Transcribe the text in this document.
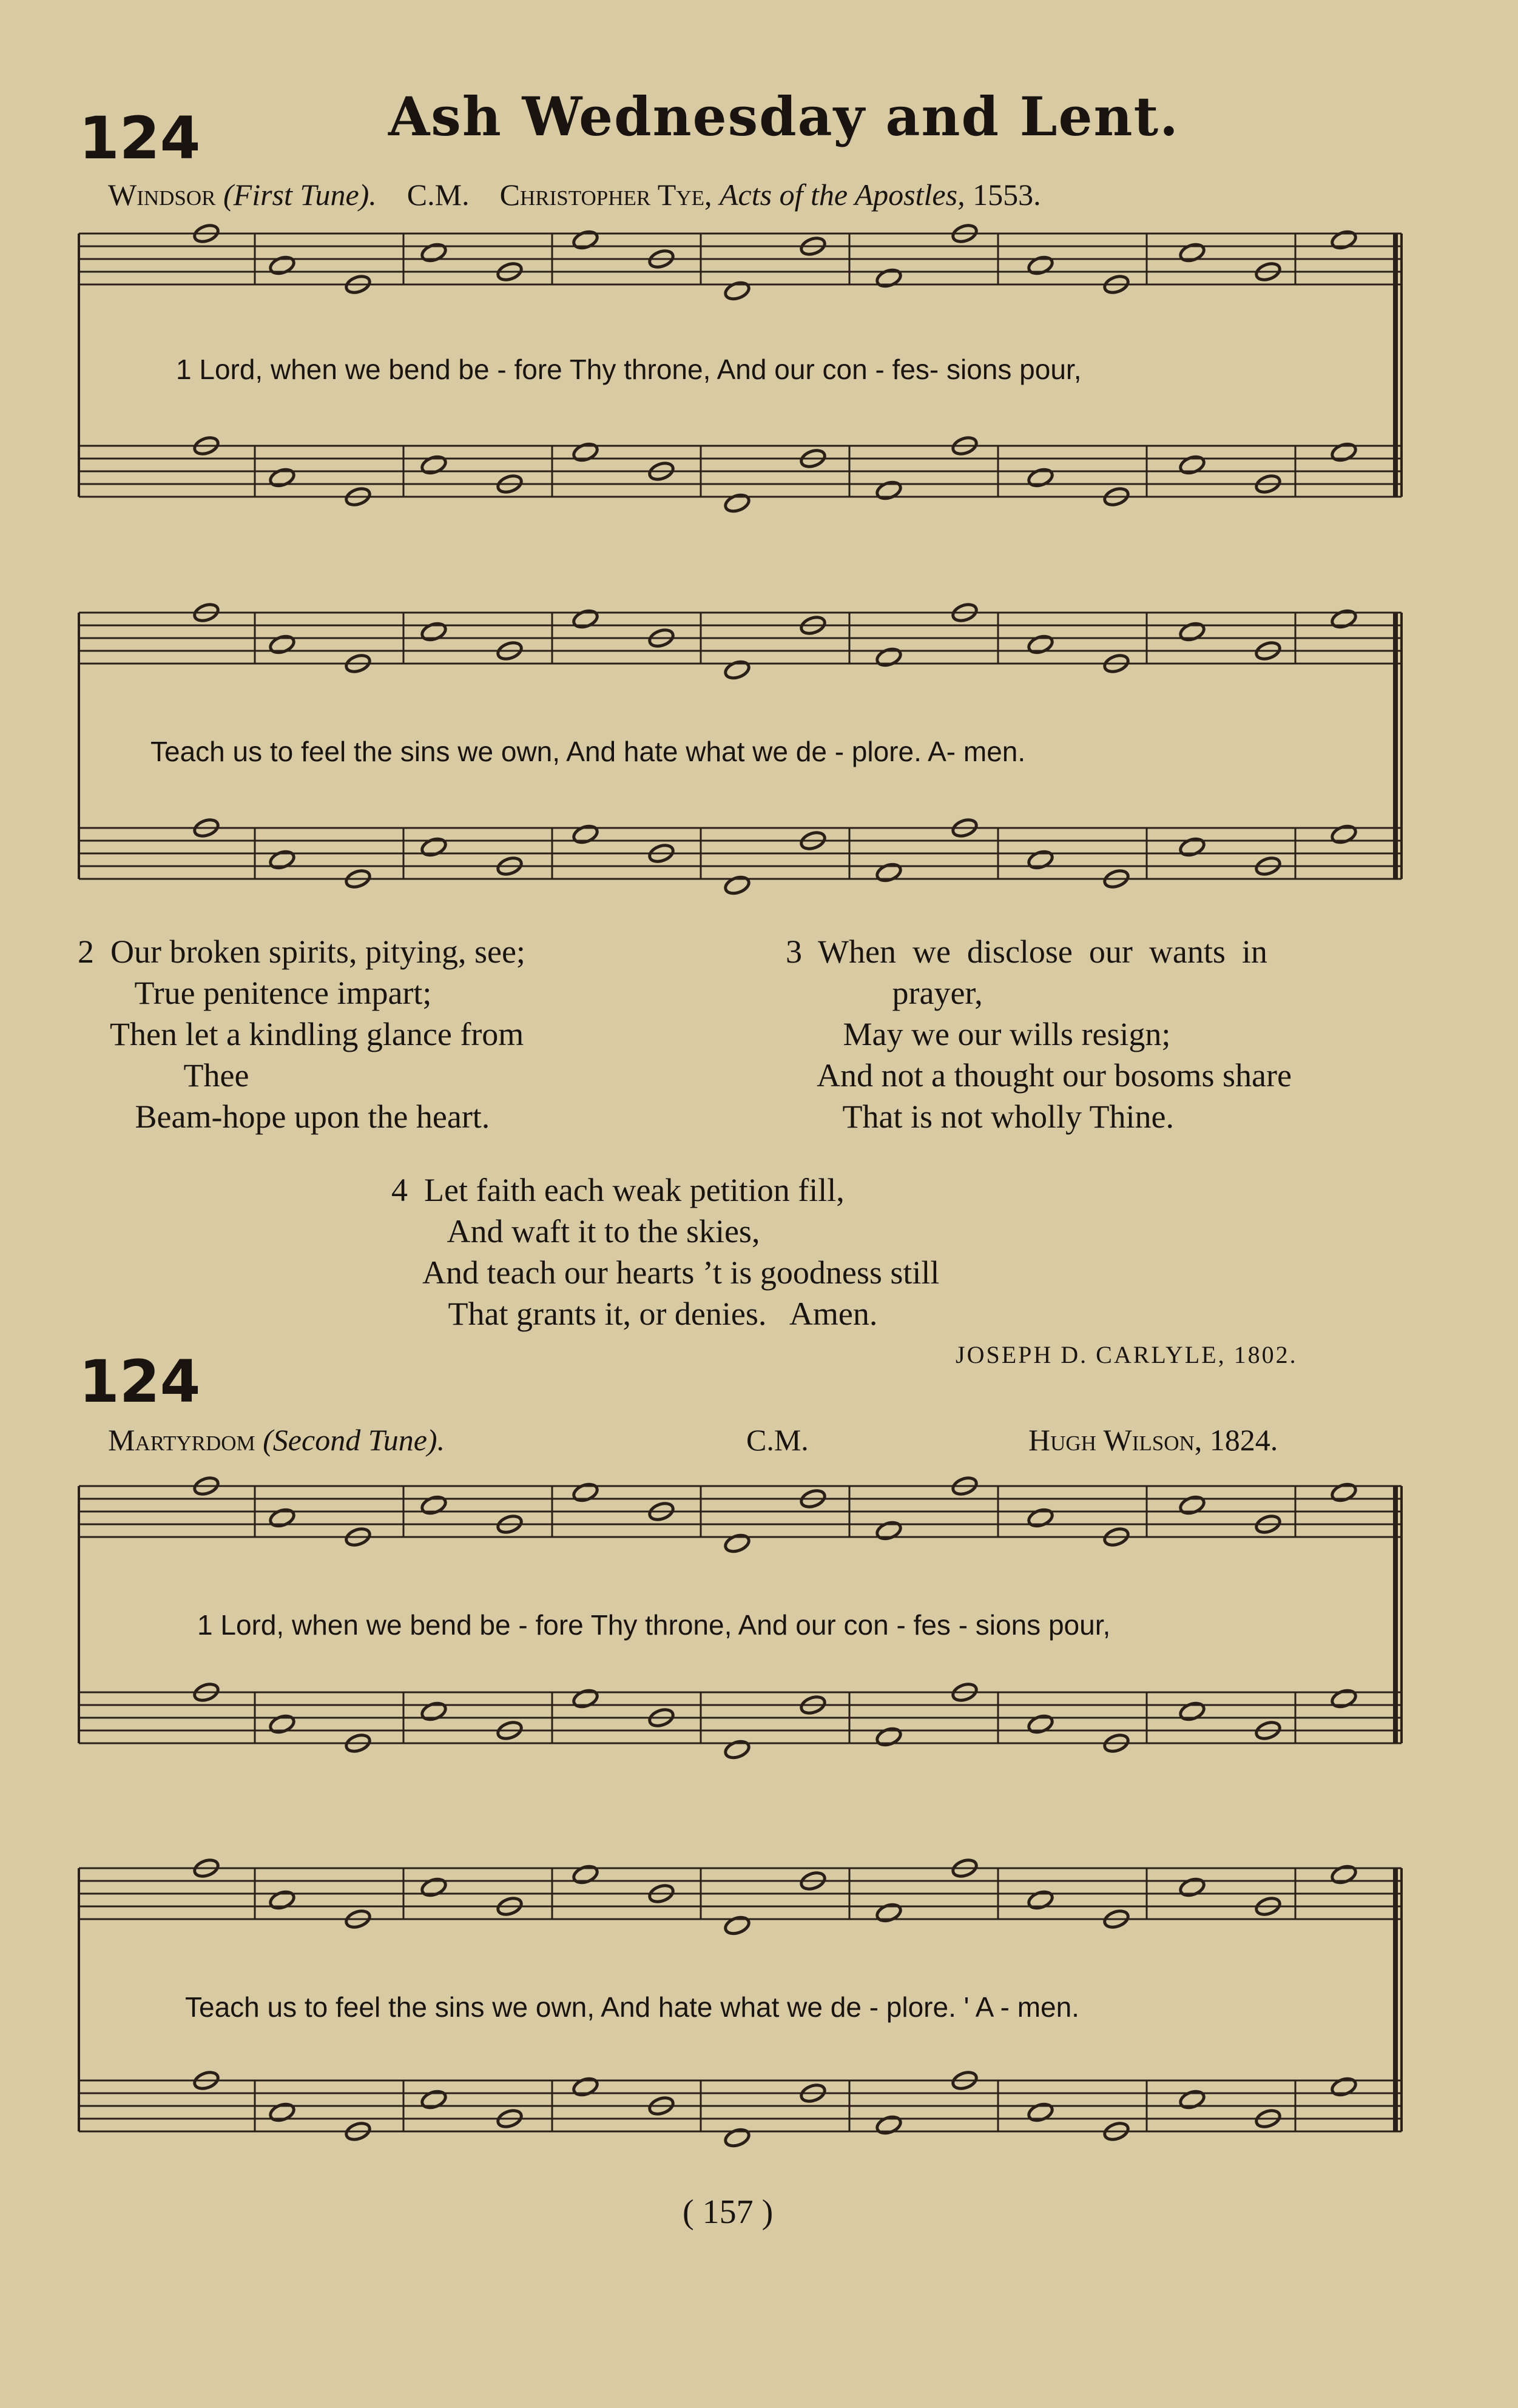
124	Ash Wednesday and Lent.
Windsor (First Tune). C.M. Christopher Tye, Acts of the Apostles, 1553.
1 Lord, when we bend be - fore Thy throne, And our con - fes- sions pour,
Teach us to feel the sins we own, And hate what we de - plore. A- men.
2  Our broken spirits, pitying, see;
True penitence impart;
Then let a kindling glance from
Thee
Beam-hope upon the heart.
3  When  we  disclose  our  wants  in
prayer,
May we our wills resign;
And not a thought our bosoms share
That is not wholly Thine.
4  Let faith each weak petition fill,
And waft it to the skies,
And teach our hearts ’t is goodness still
That grants it, or denies.   Amen.
JOSEPH D. CARLYLE, 1802.
124
Martyrdom (Second Tune).	C.M.	Hugh Wilson, 1824.
1 Lord, when we bend be - fore Thy throne, And our con - fes - sions pour,
Teach us to feel the sins we own, And hate what we de - plore. ' A - men.
( 157 )
